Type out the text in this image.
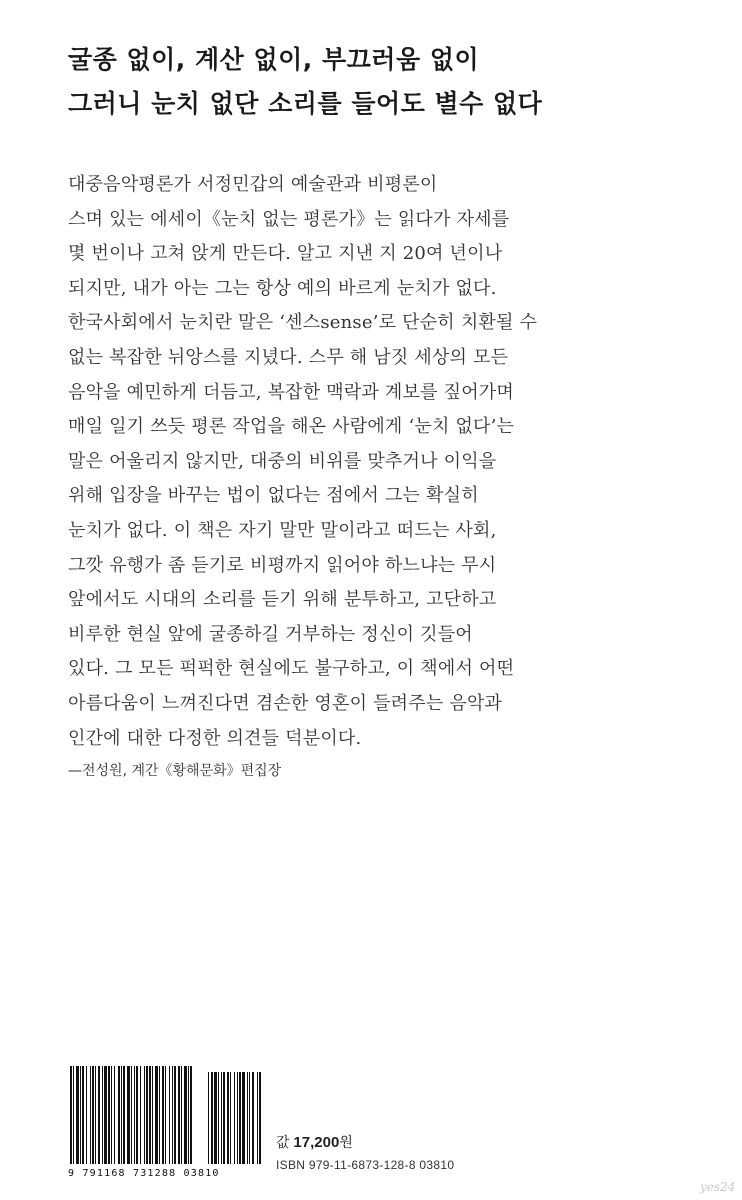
굴종 없이, 계산 없이, 부끄러움 없이
그러니 눈치 없단 소리를 들어도 별수 없다
대중음악평론가 서정민갑의 예술관과 비평론이
스며 있는 에세이《눈치 없는 평론가》는 읽다가 자세를
몇 번이나 고쳐 앉게 만든다. 알고 지낸 지 20여 년이나
되지만, 내가 아는 그는 항상 예의 바르게 눈치가 없다.
한국사회에서 눈치란 말은 ‘센스sense’로 단순히 치환될 수
없는 복잡한 뉘앙스를 지녔다. 스무 해 남짓 세상의 모든
음악을 예민하게 더듬고, 복잡한 맥락과 계보를 짚어가며
매일 일기 쓰듯 평론 작업을 해온 사람에게 ‘눈치 없다’는
말은 어울리지 않지만, 대중의 비위를 맞추거나 이익을
위해 입장을 바꾸는 법이 없다는 점에서 그는 확실히
눈치가 없다. 이 책은 자기 말만 말이라고 떠드는 사회,
그깟 유행가 좀 듣기로 비평까지 읽어야 하느냐는 무시
앞에서도 시대의 소리를 듣기 위해 분투하고, 고단하고
비루한 현실 앞에 굴종하길 거부하는 정신이 깃들어
있다. 그 모든 퍽퍽한 현실에도 불구하고, 이 책에서 어떤
아름다움이 느껴진다면 겸손한 영혼이 들려주는 음악과
인간에 대한 다정한 의견들 덕분이다.
—전성원, 계간《황해문화》편집장
9 791168 731288 03810
값 17,200원
ISBN 979-11-6873-128-8 03810
yes24
